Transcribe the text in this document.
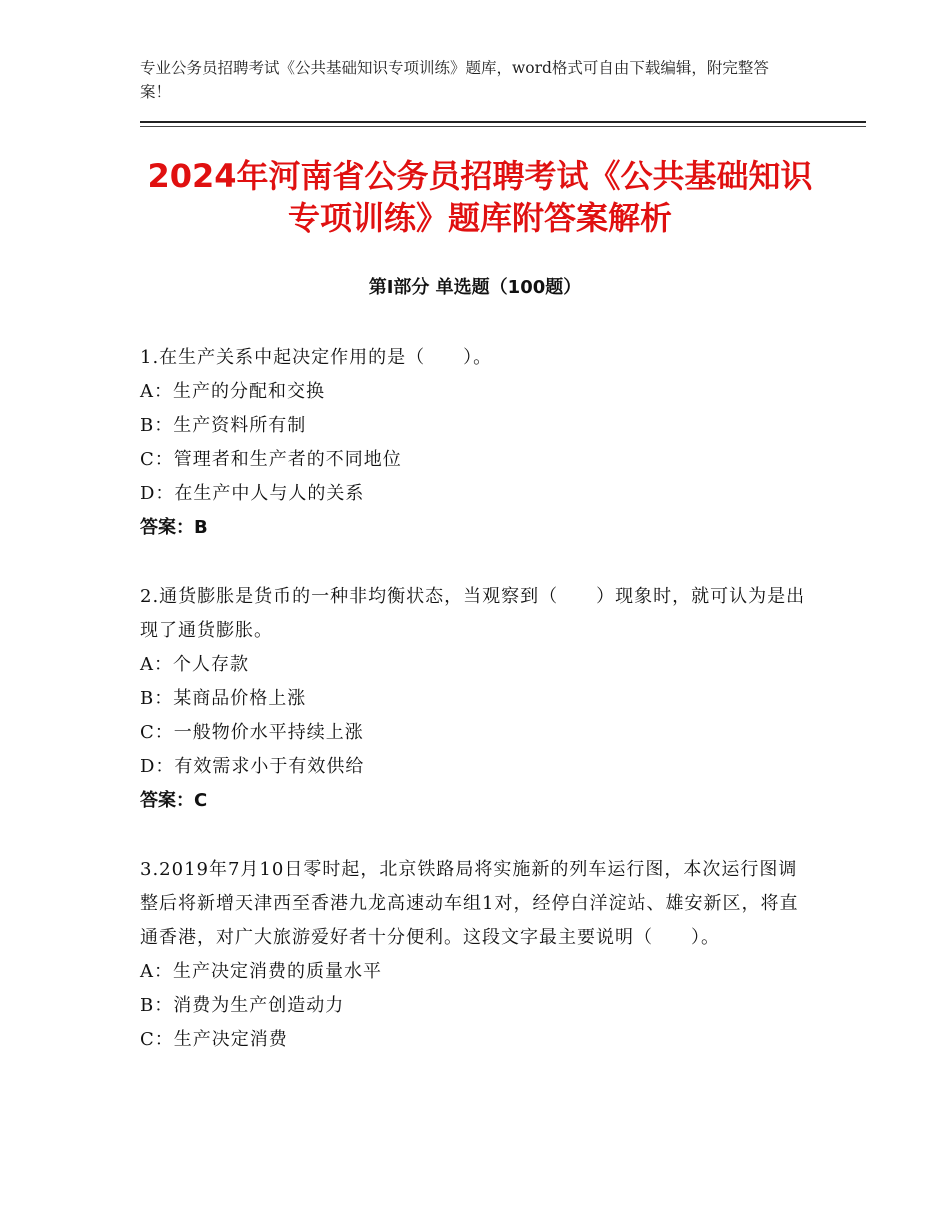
专业公务员招聘考试《公共基础知识专项训练》题库，word格式可自由下载编辑，附完整答案！
2024年河南省公务员招聘考试《公共基础知识专项训练》题库附答案解析
第Ⅰ部分 单选题（100题）

1.在生产关系中起决定作用的是（　　）。

A：生产的分配和交换

B：生产资料所有制

C：管理者和生产者的不同地位

D：在生产中人与人的关系

答案：B

2.通货膨胀是货币的一种非均衡状态，当观察到（　　）现象时，就可认为是出现了通货膨胀。

A：个人存款

B：某商品价格上涨

C：一般物价水平持续上涨

D：有效需求小于有效供给

答案：C

3.2019年7月10日零时起，北京铁路局将实施新的列车运行图，本次运行图调整后将新增天津西至香港九龙高速动车组1对，经停白洋淀站、雄安新区，将直通香港，对广大旅游爱好者十分便利。这段文字最主要说明（　　）。

A：生产决定消费的质量水平

B：消费为生产创造动力

C：生产决定消费
